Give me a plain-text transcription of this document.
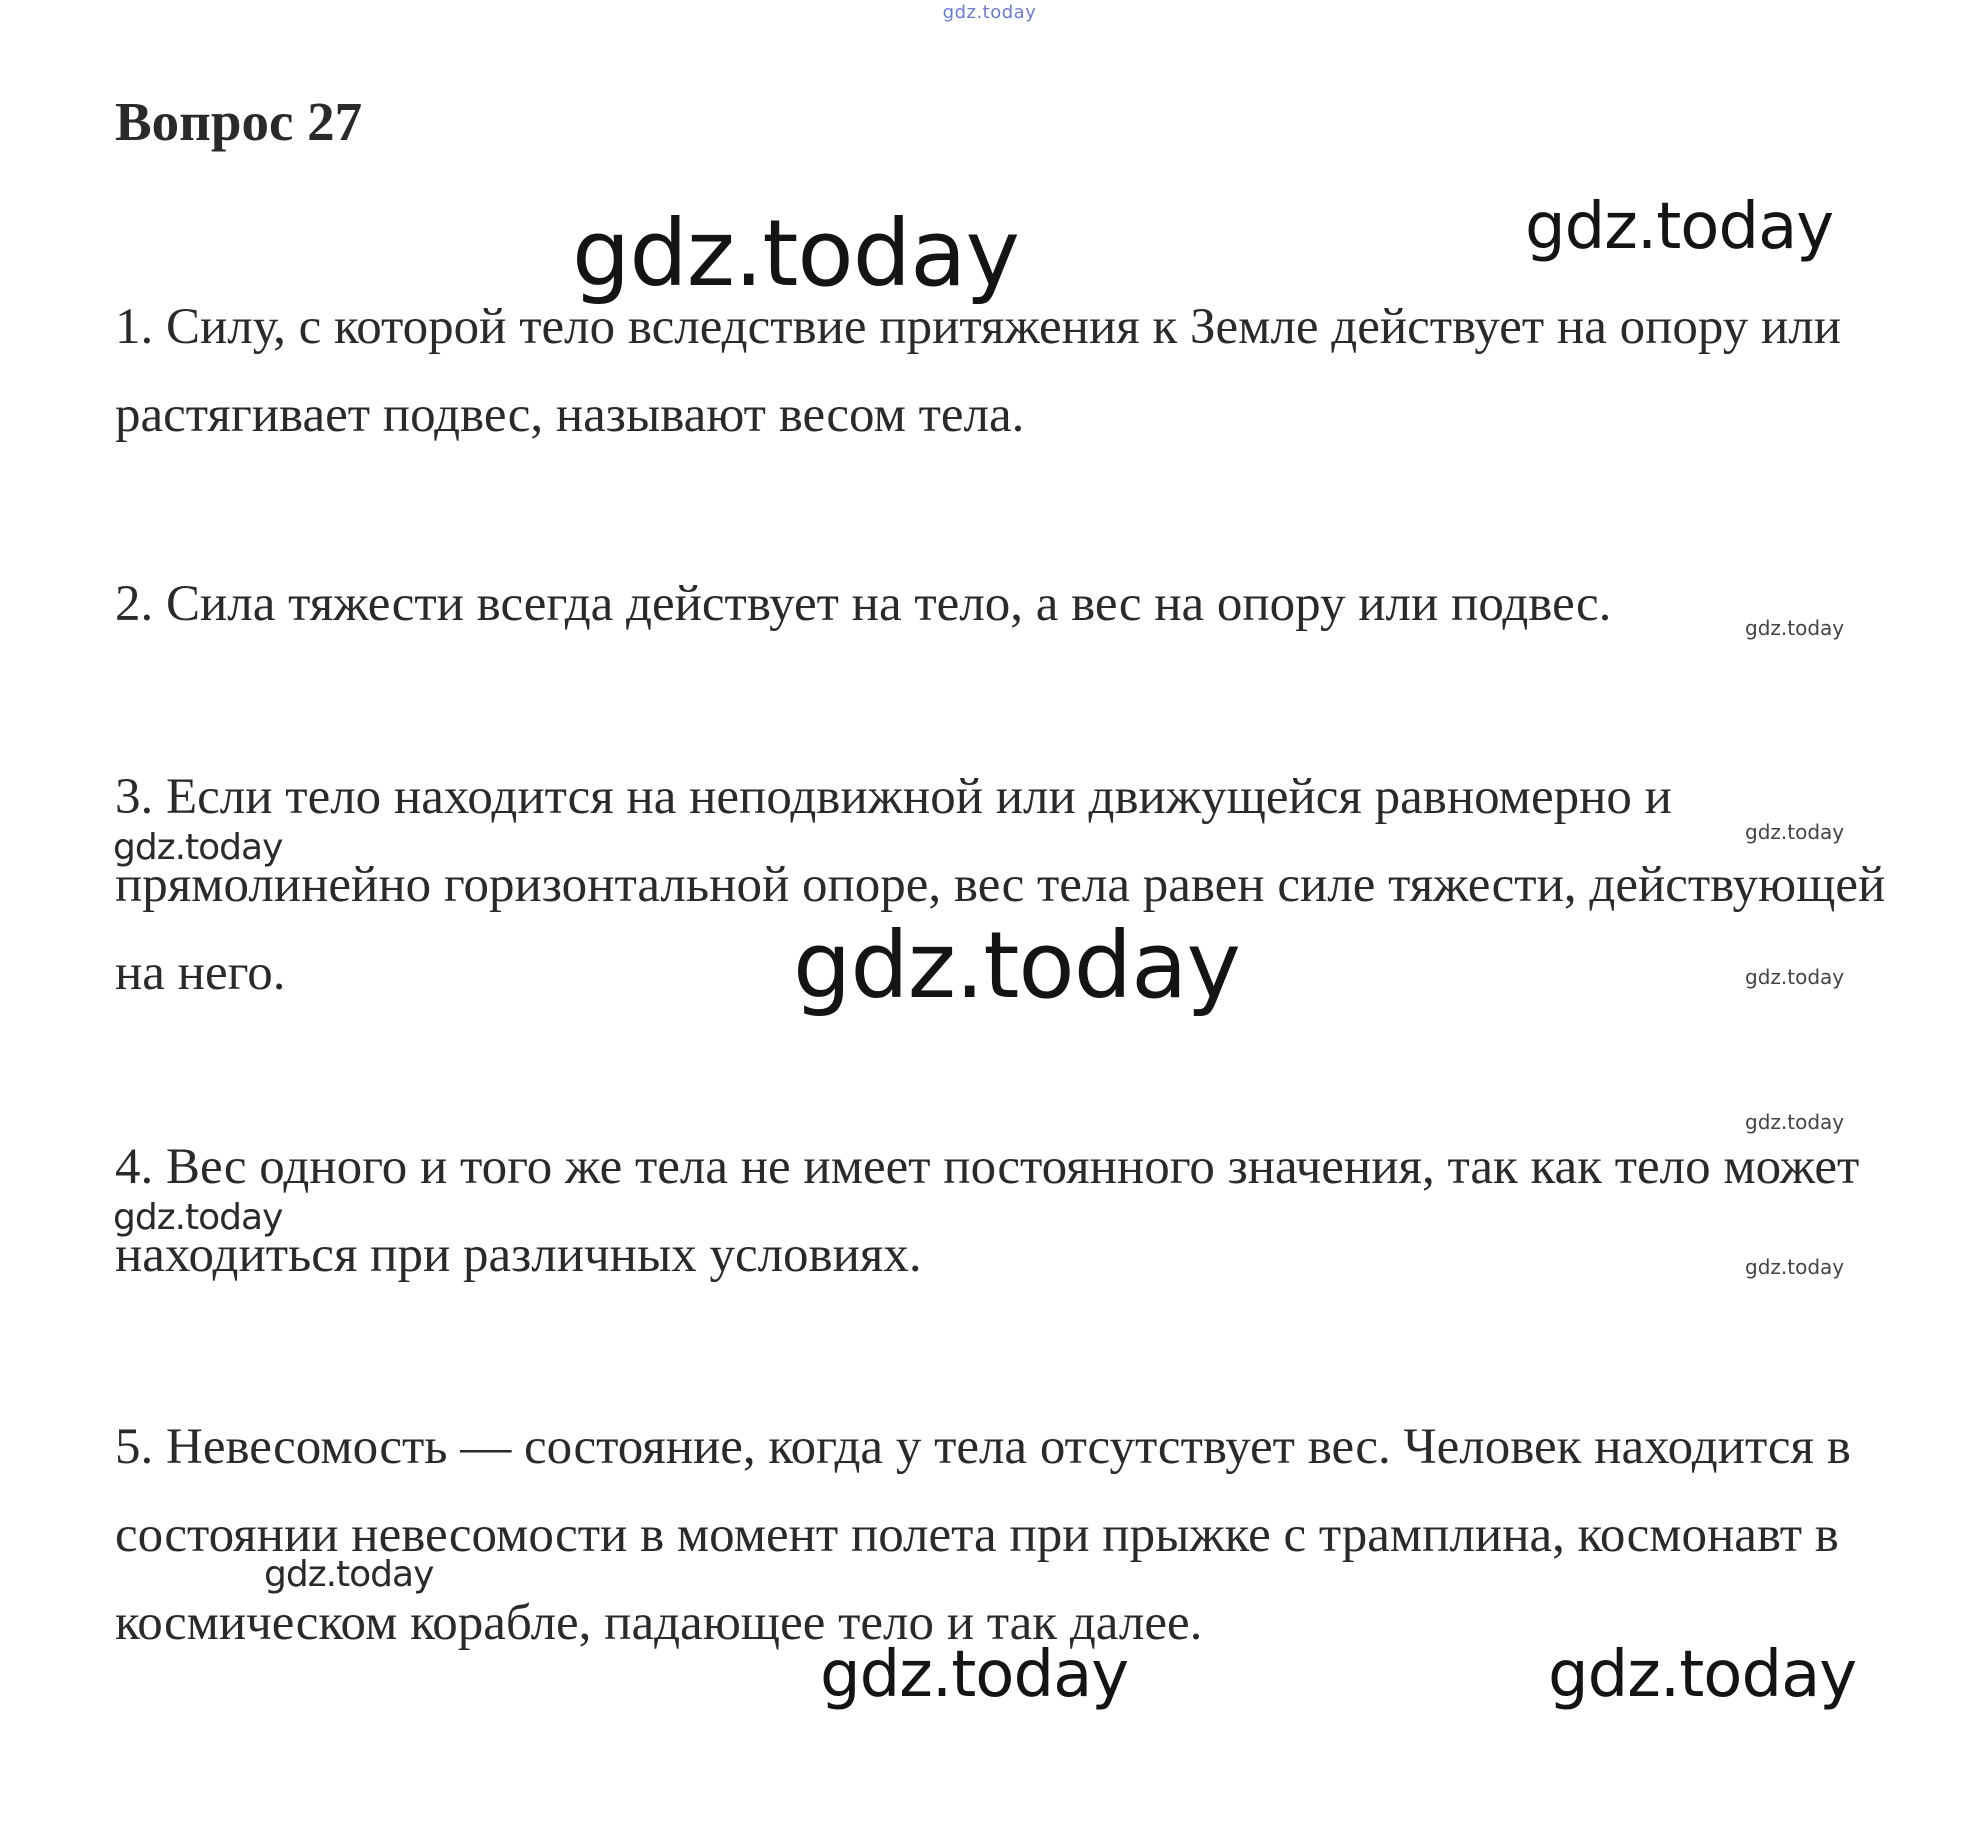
gdz.today
Вопрос 27

1. Силу, с которой тело вследствие притяжения к Земле действует на опору или растягивает подвес, называют весом тела.

2. Сила тяжести всегда действует на тело, а вес на опору или подвес.

3. Если тело находится на неподвижной или движущейся равномерно и прямолинейно горизонтальной опоре, вес тела равен силе тяжести, действующей на него.

4. Вес одного и того же тела не имеет постоянного значения, так как тело может находиться при различных условиях.

5. Невесомость — состояние, когда у тела отсутствует вес. Человек находится в состоянии невесомости в момент полета при прыжке с трамплина, космонавт в космическом корабле, падающее тело и так далее.

gdz.today	gdz.today
gdz.today
gdz.today	gdz.today
gdz.today	gdz.today
gdz.today
gdz.today
gdz.today
gdz.today
gdz.today	gdz.today
